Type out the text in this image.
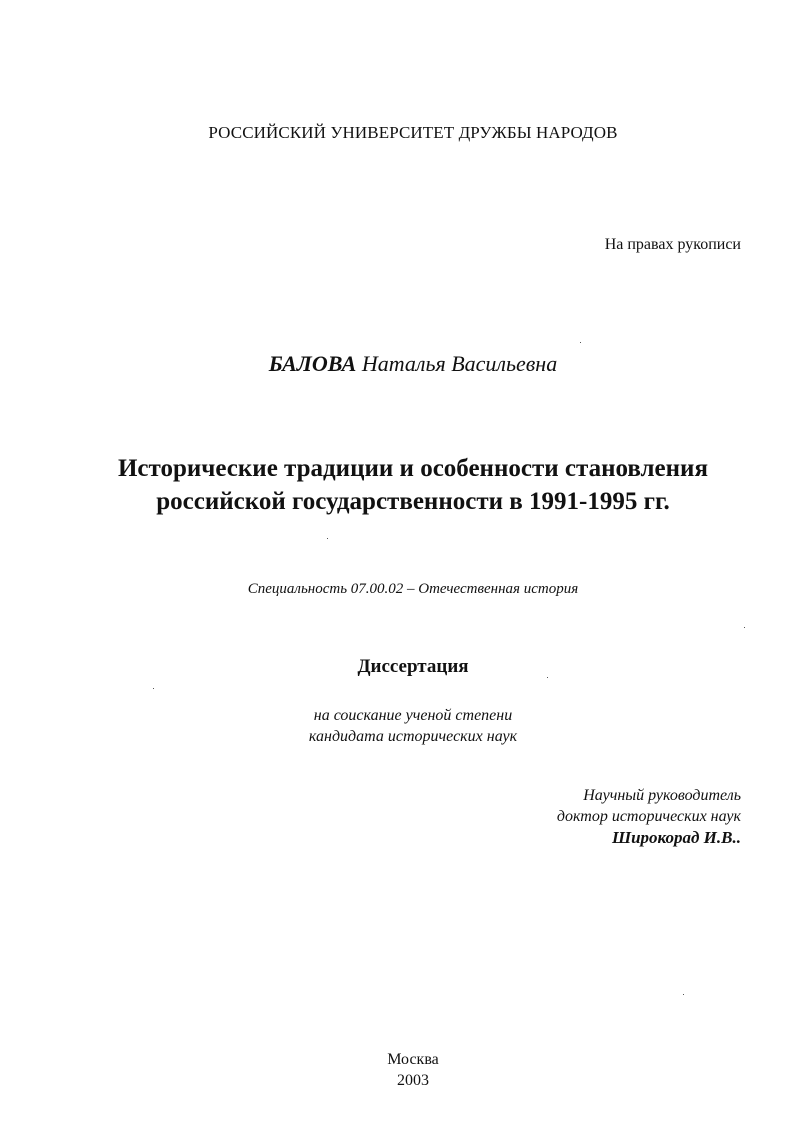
РОССИЙСКИЙ УНИВЕРСИТЕТ ДРУЖБЫ НАРОДОВ
На правах рукописи
БАЛОВА Наталья Васильевна
Исторические традиции и особенности становления
российской государственности в 1991-1995 гг.
Специальность 07.00.02 – Отечественная история
Диссертация
на соискание ученой степени
кандидата исторических наук
Научный руководитель
доктор исторических наук
Широкорад И.В..
Москва
2003
